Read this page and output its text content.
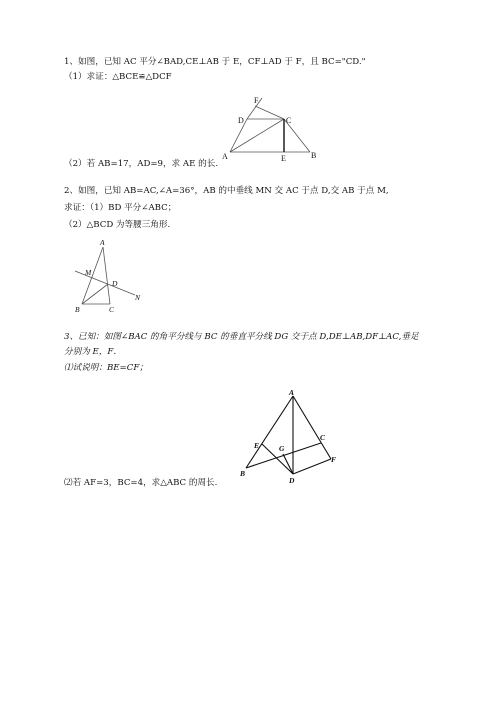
1、如图，已知 AC 平分∠BAD,CE⊥AB 于 E，CF⊥AD 于 F，且 BC="CD."
（1）求证：△BCE≌△DCF
F
D	C
A	E	B
（2）若 AB=17，AD=9，求 AE 的长.
2、如图，已知 AB=AC,∠A=36°，AB 的中垂线 MN 交 AC 于点 D,交 AB 于点 M,
求证：（1）BD 平分∠ABC；
（2）△BCD 为等腰三角形.
A
M
D
N
B	C
3、已知：如图∠BAC 的角平分线与 BC 的垂直平分线 DG 交于点 D,DE⊥AB,DF⊥AC,垂足
分别为 E，F．
⑴试说明：BE=CF；
A
E	G
C
F
B
D
⑵若 AF=3，BC=4，求△ABC 的周长.
